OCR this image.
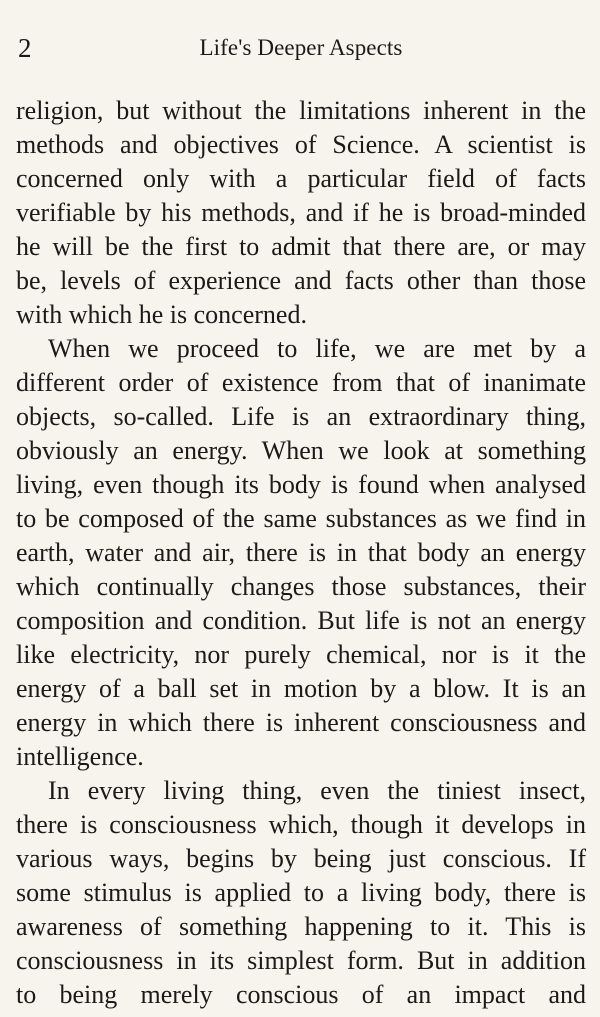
2	Life's Deeper Aspects

religion, but without the limitations inherent in the
methods and objectives of Science. A scientist is
concerned only with a particular field of facts
verifiable by his methods, and if he is broad-minded
he will be the first to admit that there are, or may
be, levels of experience and facts other than those
with which he is concerned.

When we proceed to life, we are met by a
different order of existence from that of inanimate
objects, so-called. Life is an extraordinary thing,
obviously an energy. When we look at something
living, even though its body is found when analysed
to be composed of the same substances as we find in
earth, water and air, there is in that body an energy
which continually changes those substances, their
composition and condition. But life is not an energy
like electricity, nor purely chemical, nor is it the
energy of a ball set in motion by a blow. It is an
energy in which there is inherent consciousness and
intelligence.

In every living thing, even the tiniest insect,
there is consciousness which, though it develops in
various ways, begins by being just conscious. If
some stimulus is applied to a living body, there is
awareness of something happening to it. This is
consciousness in its simplest form. But in addition
to being merely conscious of an impact and
